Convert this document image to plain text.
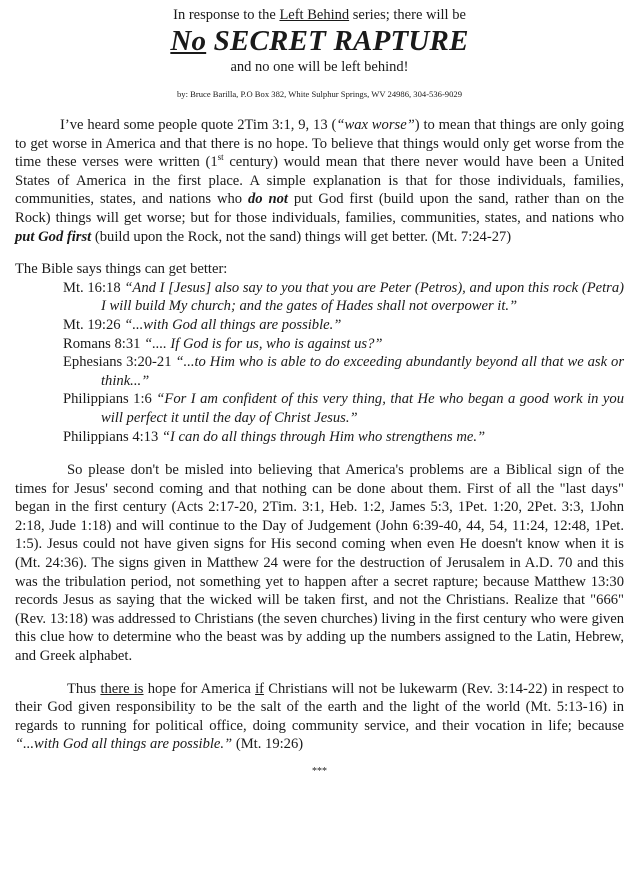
In response to the Left Behind series; there will be

No SECRET RAPTURE

and no one will be left behind!

by: Bruce Barilla, P.O Box 382, White Sulphur Springs, WV 24986, 304-536-9029

I’ve heard some people quote 2Tim 3:1, 9, 13 (“wax worse”) to mean that things are only going to get worse in America and that there is no hope. To believe that things would only get worse from the time these verses were written (1st century) would mean that there never would have been a United States of America in the first place. A simple explanation is that for those individuals, families, communities, states, and nations who do not put God first (build upon the sand, rather than on the Rock) things will get worse; but for those individuals, families, communities, states, and nations who put God first (build upon the Rock, not the sand) things will get better. (Mt. 7:24-27)

The Bible says things can get better:

Mt. 16:18 “And I [Jesus] also say to you that you are Peter (Petros), and upon this rock (Petra) I will build My church; and the gates of Hades shall not overpower it.”

Mt. 19:26 “...with God all things are possible.”

Romans 8:31 “.... If God is for us, who is against us?”

Ephesians 3:20-21 “...to Him who is able to do exceeding abundantly beyond all that we ask or think...”

Philippians 1:6 “For I am confident of this very thing, that He who began a good work in you will perfect it until the day of Christ Jesus.”

Philippians 4:13 “I can do all things through Him who strengthens me.”

So please don't be misled into believing that America's problems are a Biblical sign of the times for Jesus' second coming and that nothing can be done about them. First of all the "last days" began in the first century (Acts 2:17-20, 2Tim. 3:1, Heb. 1:2, James 5:3, 1Pet. 1:20, 2Pet. 3:3, 1John 2:18, Jude 1:18) and will continue to the Day of Judgement (John 6:39-40, 44, 54, 11:24, 12:48, 1Pet. 1:5). Jesus could not have given signs for His second coming when even He doesn't know when it is (Mt. 24:36). The signs given in Matthew 24 were for the destruction of Jerusalem in A.D. 70 and this was the tribulation period, not something yet to happen after a secret rapture; because Matthew 13:30 records Jesus as saying that the wicked will be taken first, and not the Christians. Realize that "666" (Rev. 13:18) was addressed to Christians (the seven churches) living in the first century who were given this clue how to determine who the beast was by adding up the numbers assigned to the Latin, Hebrew, and Greek alphabet.

Thus there is hope for America if Christians will not be lukewarm (Rev. 3:14-22) in respect to their God given responsibility to be the salt of the earth and the light of the world (Mt. 5:13-16) in regards to running for political office, doing community service, and their vocation in life; because “...with God all things are possible.” (Mt. 19:26)

***
